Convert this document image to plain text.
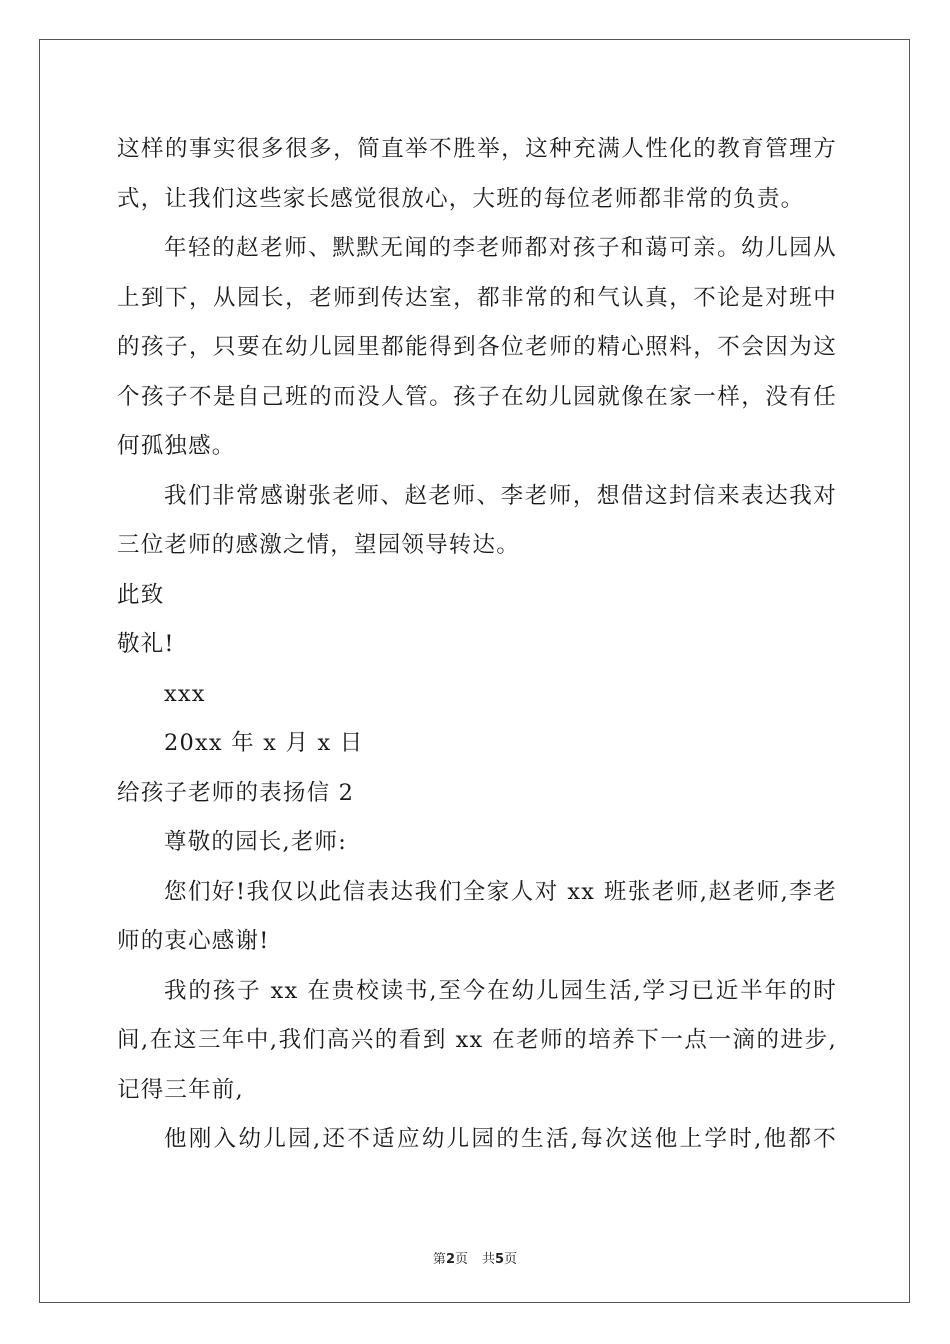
这样的事实很多很多，简直举不胜举，这种充满人性化的教育管理方
式，让我们这些家长感觉很放心，大班的每位老师都非常的负责。
年轻的赵老师、默默无闻的李老师都对孩子和蔼可亲。幼儿园从
上到下，从园长，老师到传达室，都非常的和气认真，不论是对班中
的孩子，只要在幼儿园里都能得到各位老师的精心照料，不会因为这
个孩子不是自己班的而没人管。孩子在幼儿园就像在家一样，没有任
何孤独感。
我们非常感谢张老师、赵老师、李老师，想借这封信来表达我对
三位老师的感激之情，望园领导转达。
此致
敬礼!
xxx
20xx 年 x 月 x 日
给孩子老师的表扬信 2
尊敬的园长,老师:
您们好!我仅以此信表达我们全家人对 xx 班张老师,赵老师,李老
师的衷心感谢!
我的孩子 xx 在贵校读书,至今在幼儿园生活,学习已近半年的时
间,在这三年中,我们高兴的看到 xx 在老师的培养下一点一滴的进步,
记得三年前,
他刚入幼儿园,还不适应幼儿园的生活,每次送他上学时,他都不
第2页 共5页
